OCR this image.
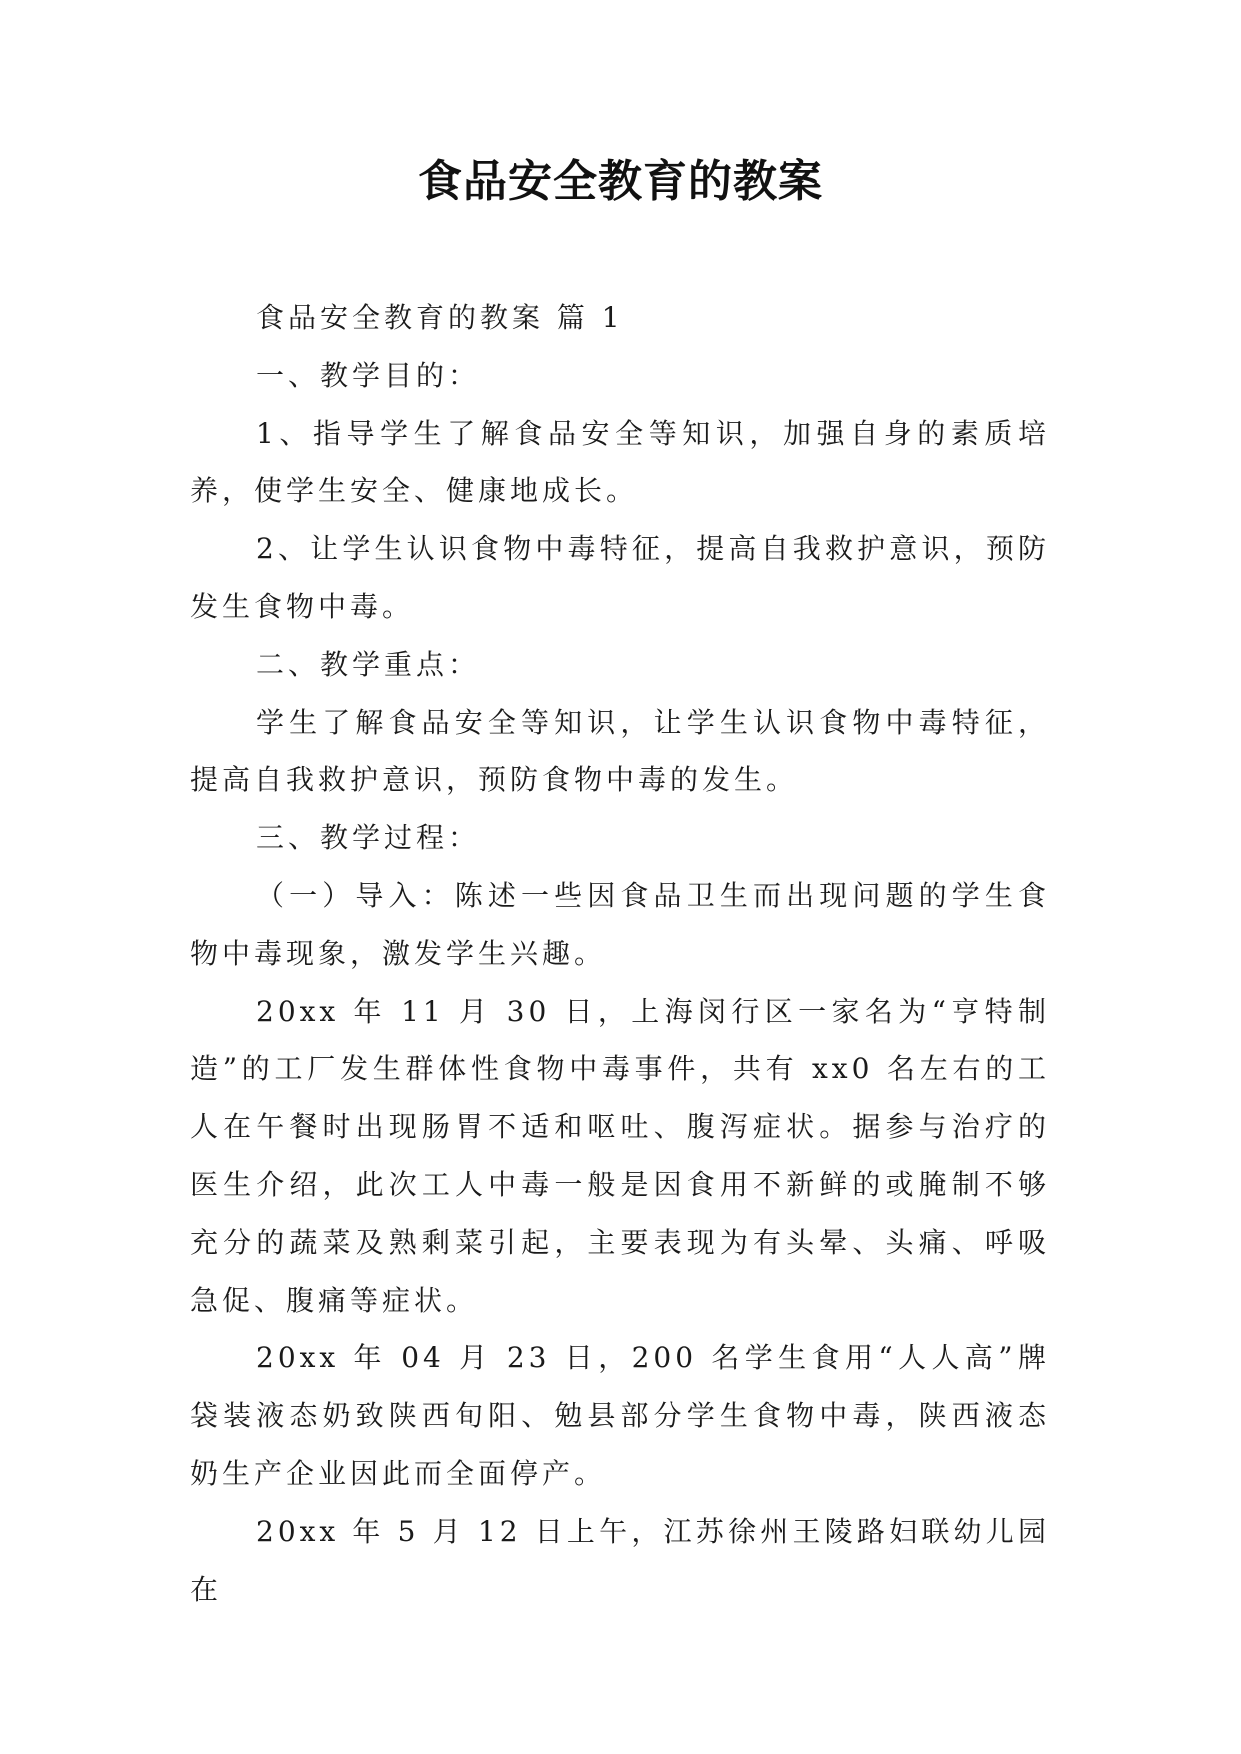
食品安全教育的教案

食品安全教育的教案 篇 1

一、教学目的：

1、指导学生了解食品安全等知识，加强自身的素质培养，使学生安全、健康地成长。

2、让学生认识食物中毒特征，提高自我救护意识，预防发生食物中毒。

二、教学重点：

学生了解食品安全等知识，让学生认识食物中毒特征，提高自我救护意识，预防食物中毒的发生。

三、教学过程：

（一）导入：陈述一些因食品卫生而出现问题的学生食物中毒现象，激发学生兴趣。

20xx 年 11 月 30 日，上海闵行区一家名为“亨特制造”的工厂发生群体性食物中毒事件，共有 xx0 名左右的工人在午餐时出现肠胃不适和呕吐、腹泻症状。据参与治疗的医生介绍，此次工人中毒一般是因食用不新鲜的或腌制不够充分的蔬菜及熟剩菜引起，主要表现为有头晕、头痛、呼吸急促、腹痛等症状。

20xx 年 04 月 23 日，200 名学生食用“人人高”牌袋装液态奶致陕西旬阳、勉县部分学生食物中毒，陕西液态奶生产企业因此而全面停产。

20xx 年 5 月 12 日上午，江苏徐州王陵路妇联幼儿园在
